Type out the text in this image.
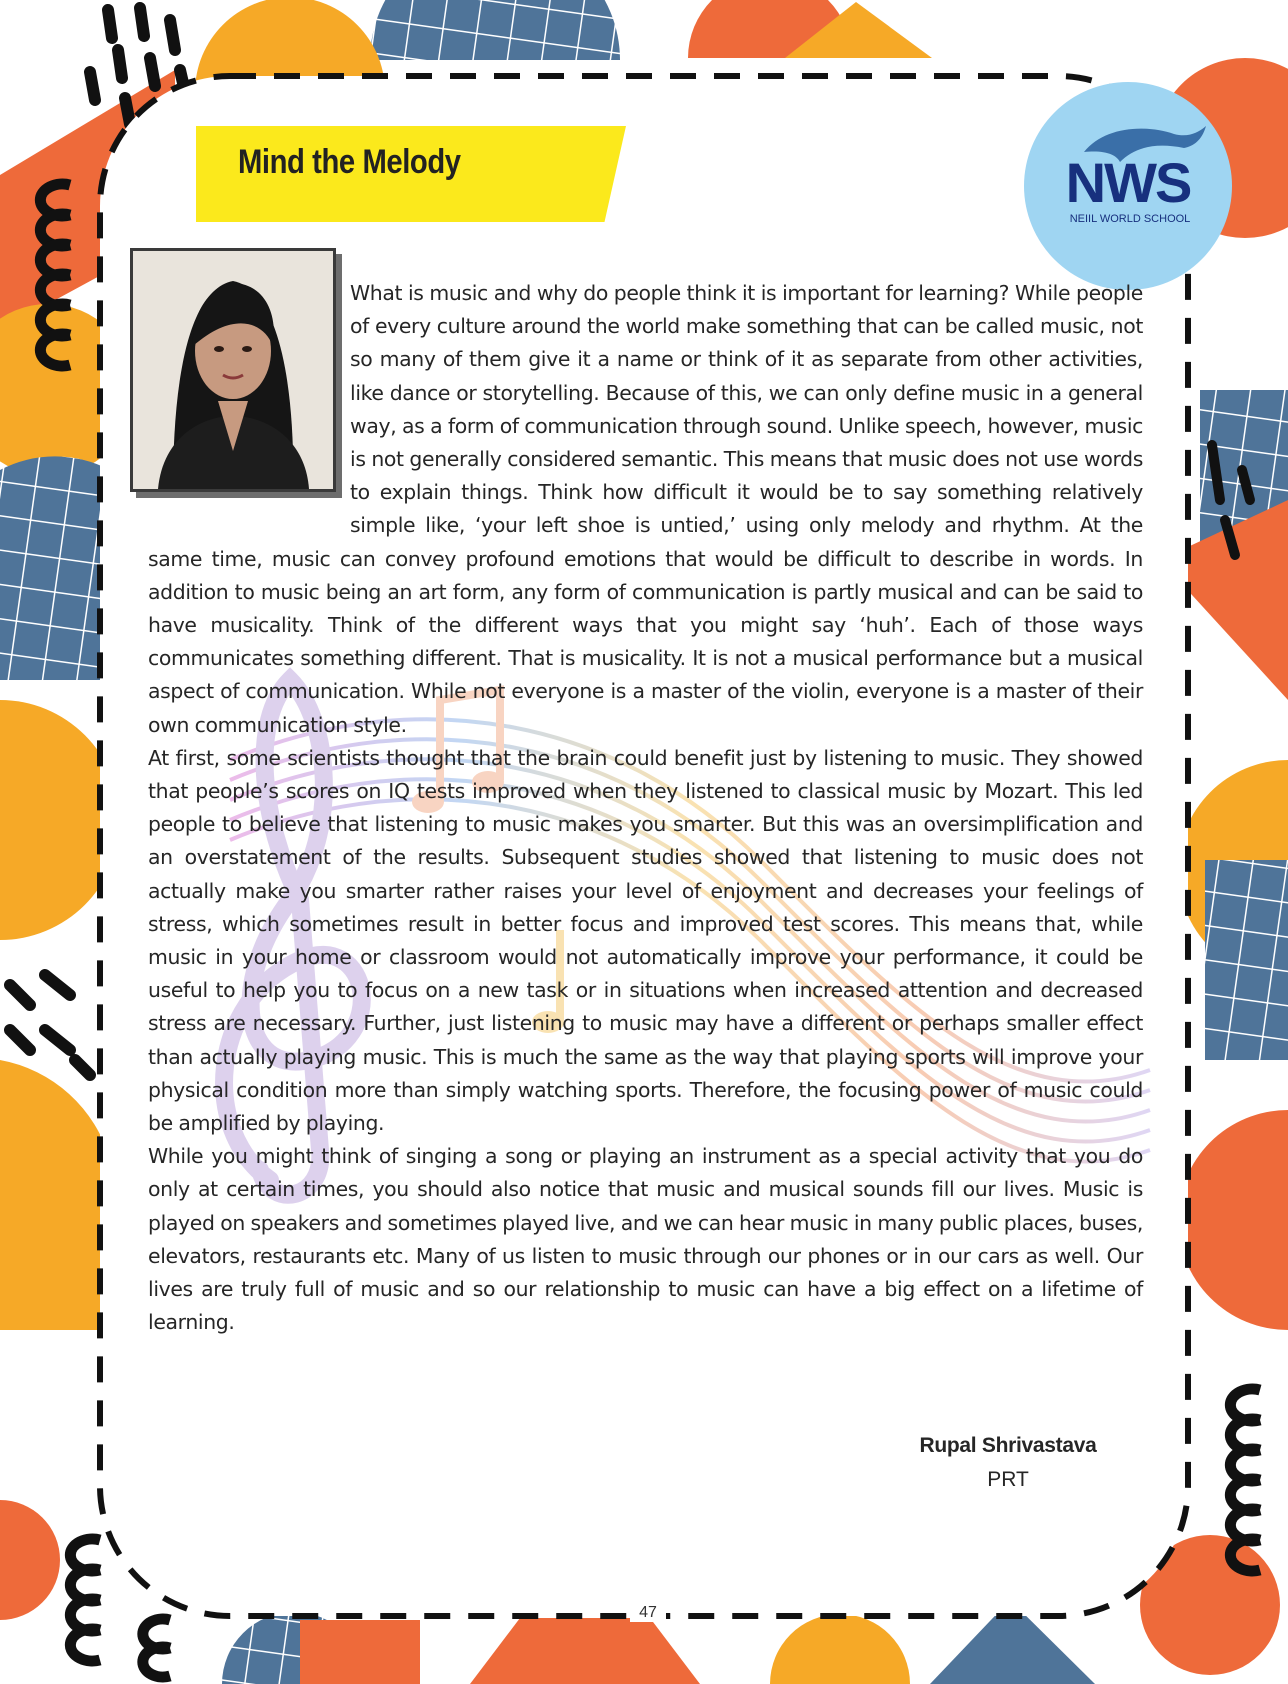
Mind the Melody	NWS
NEIIL WORLD SCHOOL

What is music and why do people think it is important for learning? While people of every culture around the world make something that can be called music, not so many of them give it a name or think of it as separate from other activities, like dance or storytelling. Because of this, we can only define music in a general way, as a form of communication through sound. Unlike speech, however, music is not generally considered semantic. This means that music does not use words to explain things. Think how difficult it would be to say something relatively simple like, ‘your left shoe is untied,’ using only melody and rhythm. At the same time, music can convey profound emotions that would be difficult to describe in words. In addition to music being an art form, any form of communication is partly musical and can be said to have musicality. Think of the different ways that you might say ‘huh’. Each of those ways communicates something different. That is musicality. It is not a musical performance but a musical aspect of communication. While not everyone is a master of the violin, everyone is a master of their own communication style.

At first, some scientists thought that the brain could benefit just by listening to music. They showed that people’s scores on IQ tests improved when they listened to classical music by Mozart. This led people to believe that listening to music makes you smarter. But this was an oversimplification and an overstatement of the results. Subsequent studies showed that listening to music does not actually make you smarter rather raises your level of enjoyment and decreases your feelings of stress, which sometimes result in better focus and improved test scores. This means that, while music in your home or classroom would not automatically improve your performance, it could be useful to help you to focus on a new task or in situations when increased attention and decreased stress are necessary. Further, just listening to music may have a different or perhaps smaller effect than actually playing music. This is much the same as the way that playing sports will improve your physical condition more than simply watching sports. Therefore, the focusing power of music could be amplified by playing.

While you might think of singing a song or playing an instrument as a special activity that you do only at certain times, you should also notice that music and musical sounds fill our lives. Music is played on speakers and sometimes played live, and we can hear music in many public places, buses, elevators, restaurants etc. Many of us listen to music through our phones or in our cars as well. Our lives are truly full of music and so our relationship to music can have a big effect on a lifetime of learning.

Rupal Shrivastava
PRT
47
